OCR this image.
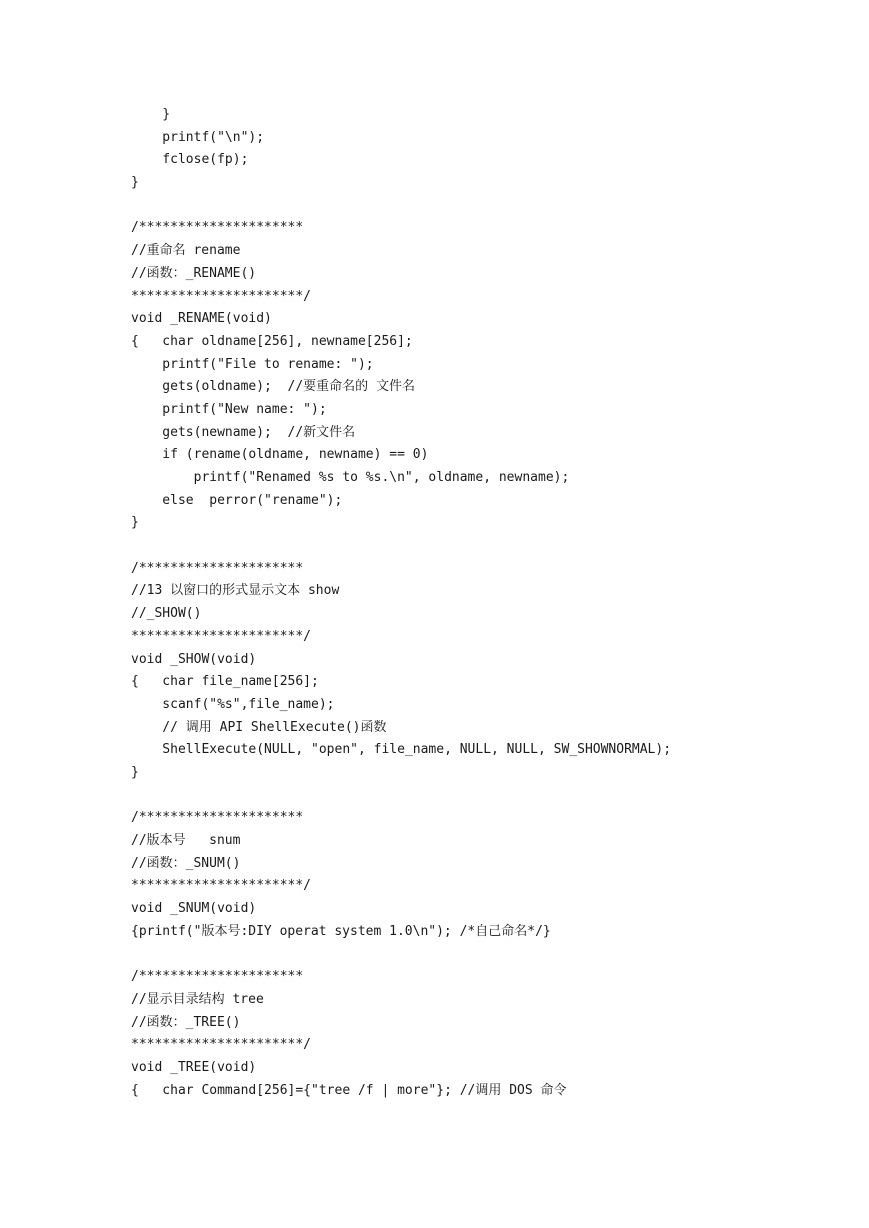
}
printf("\n");
fclose(fp);
}
/*********************
//重命名 rename
//函数：_RENAME()
**********************/
void _RENAME(void)
{   char oldname[256], newname[256];
printf("File to rename: ");
gets(oldname);  //要重命名的 文件名
printf("New name: ");
gets(newname);  //新文件名
if (rename(oldname, newname) == 0)
printf("Renamed %s to %s.\n", oldname, newname);
else  perror("rename");
}
/*********************
//13 以窗口的形式显示文本 show
//_SHOW()
**********************/
void _SHOW(void)
{   char file_name[256];
scanf("%s",file_name);
// 调用 API ShellExecute()函数
ShellExecute(NULL, "open", file_name, NULL, NULL, SW_SHOWNORMAL);
}
/*********************
//版本号   snum
//函数：_SNUM()
**********************/
void _SNUM(void)
{printf("版本号:DIY operat system 1.0\n"); /*自己命名*/}
/*********************
//显示目录结构 tree
//函数：_TREE()
**********************/
void _TREE(void)
{   char Command[256]={"tree /f | more"}; //调用 DOS 命令
